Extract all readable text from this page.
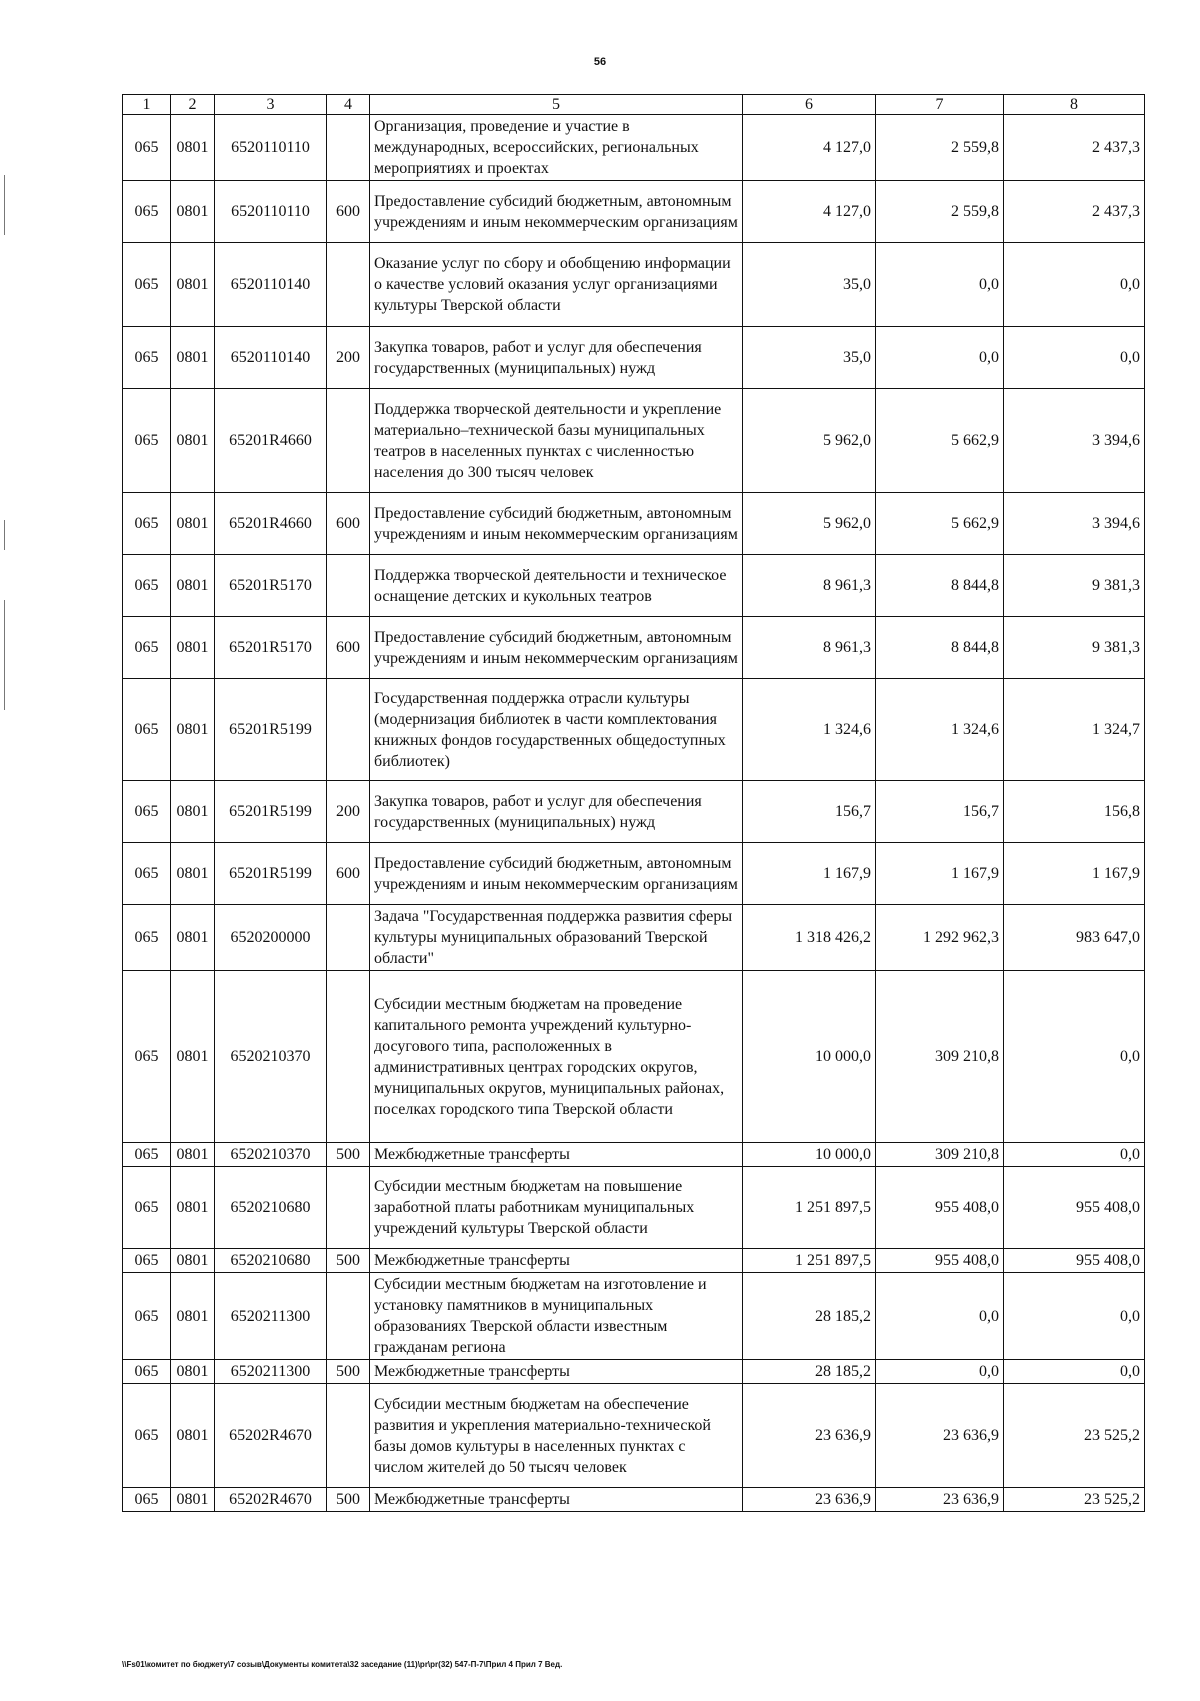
56
1	2	3	4	5	6	7	8
065	0801	6520110110		Организация, проведение и участие в международных, всероссийских, региональных мероприятиях и проектах	4 127,0	2 559,8	2 437,3
065	0801	6520110110	600	Предоставление субсидий бюджетным, автономным учреждениям и иным некоммерческим организациям	4 127,0	2 559,8	2 437,3
065	0801	6520110140		Оказание услуг по сбору и обобщению информации о качестве условий оказания услуг организациями культуры Тверской области	35,0	0,0	0,0
065	0801	6520110140	200	Закупка товаров, работ и услуг для обеспечения государственных (муниципальных) нужд	35,0	0,0	0,0
065	0801	65201R4660		Поддержка творческой деятельности и укрепление материально–технической базы муниципальных театров в населенных пунктах с численностью населения до 300 тысяч человек	5 962,0	5 662,9	3 394,6
065	0801	65201R4660	600	Предоставление субсидий бюджетным, автономным учреждениям и иным некоммерческим организациям	5 962,0	5 662,9	3 394,6
065	0801	65201R5170		Поддержка творческой деятельности и техническое оснащение детских и кукольных театров	8 961,3	8 844,8	9 381,3
065	0801	65201R5170	600	Предоставление субсидий бюджетным, автономным учреждениям и иным некоммерческим организациям	8 961,3	8 844,8	9 381,3
065	0801	65201R5199		Государственная поддержка отрасли культуры (модернизация библиотек в части комплектования книжных фондов государственных общедоступных библиотек)	1 324,6	1 324,6	1 324,7
065	0801	65201R5199	200	Закупка товаров, работ и услуг для обеспечения государственных (муниципальных) нужд	156,7	156,7	156,8
065	0801	65201R5199	600	Предоставление субсидий бюджетным, автономным учреждениям и иным некоммерческим организациям	1 167,9	1 167,9	1 167,9
065	0801	6520200000		Задача "Государственная поддержка развития сферы культуры муниципальных образований Тверской области"	1 318 426,2	1 292 962,3	983 647,0
065	0801	6520210370		Субсидии местным бюджетам на проведение капитального ремонта учреждений культурно-досугового типа, расположенных в административных центрах городских округов, муниципальных округов, муниципальных районах, поселках городского типа Тверской области	10 000,0	309 210,8	0,0
065	0801	6520210370	500	Межбюджетные трансферты	10 000,0	309 210,8	0,0
065	0801	6520210680		Субсидии местным бюджетам на повышение заработной платы работникам муниципальных учреждений культуры Тверской области	1 251 897,5	955 408,0	955 408,0
065	0801	6520210680	500	Межбюджетные трансферты	1 251 897,5	955 408,0	955 408,0
065	0801	6520211300		Субсидии местным бюджетам на изготовление и установку памятников в муниципальных образованиях Тверской области известным гражданам региона	28 185,2	0,0	0,0
065	0801	6520211300	500	Межбюджетные трансферты	28 185,2	0,0	0,0
065	0801	65202R4670		Субсидии местным бюджетам на обеспечение развития и укрепления материально-технической базы домов культуры в населенных пунктах с числом жителей до 50 тысяч человек	23 636,9	23 636,9	23 525,2
065	0801	65202R4670	500	Межбюджетные трансферты	23 636,9	23 636,9	23 525,2
\\Fs01\комитет по бюджету\7 созыв\Документы комитета\32 заседание (11)\pr\pr(32) 547-П-7\Прил 4 Прил 7 Вед.
